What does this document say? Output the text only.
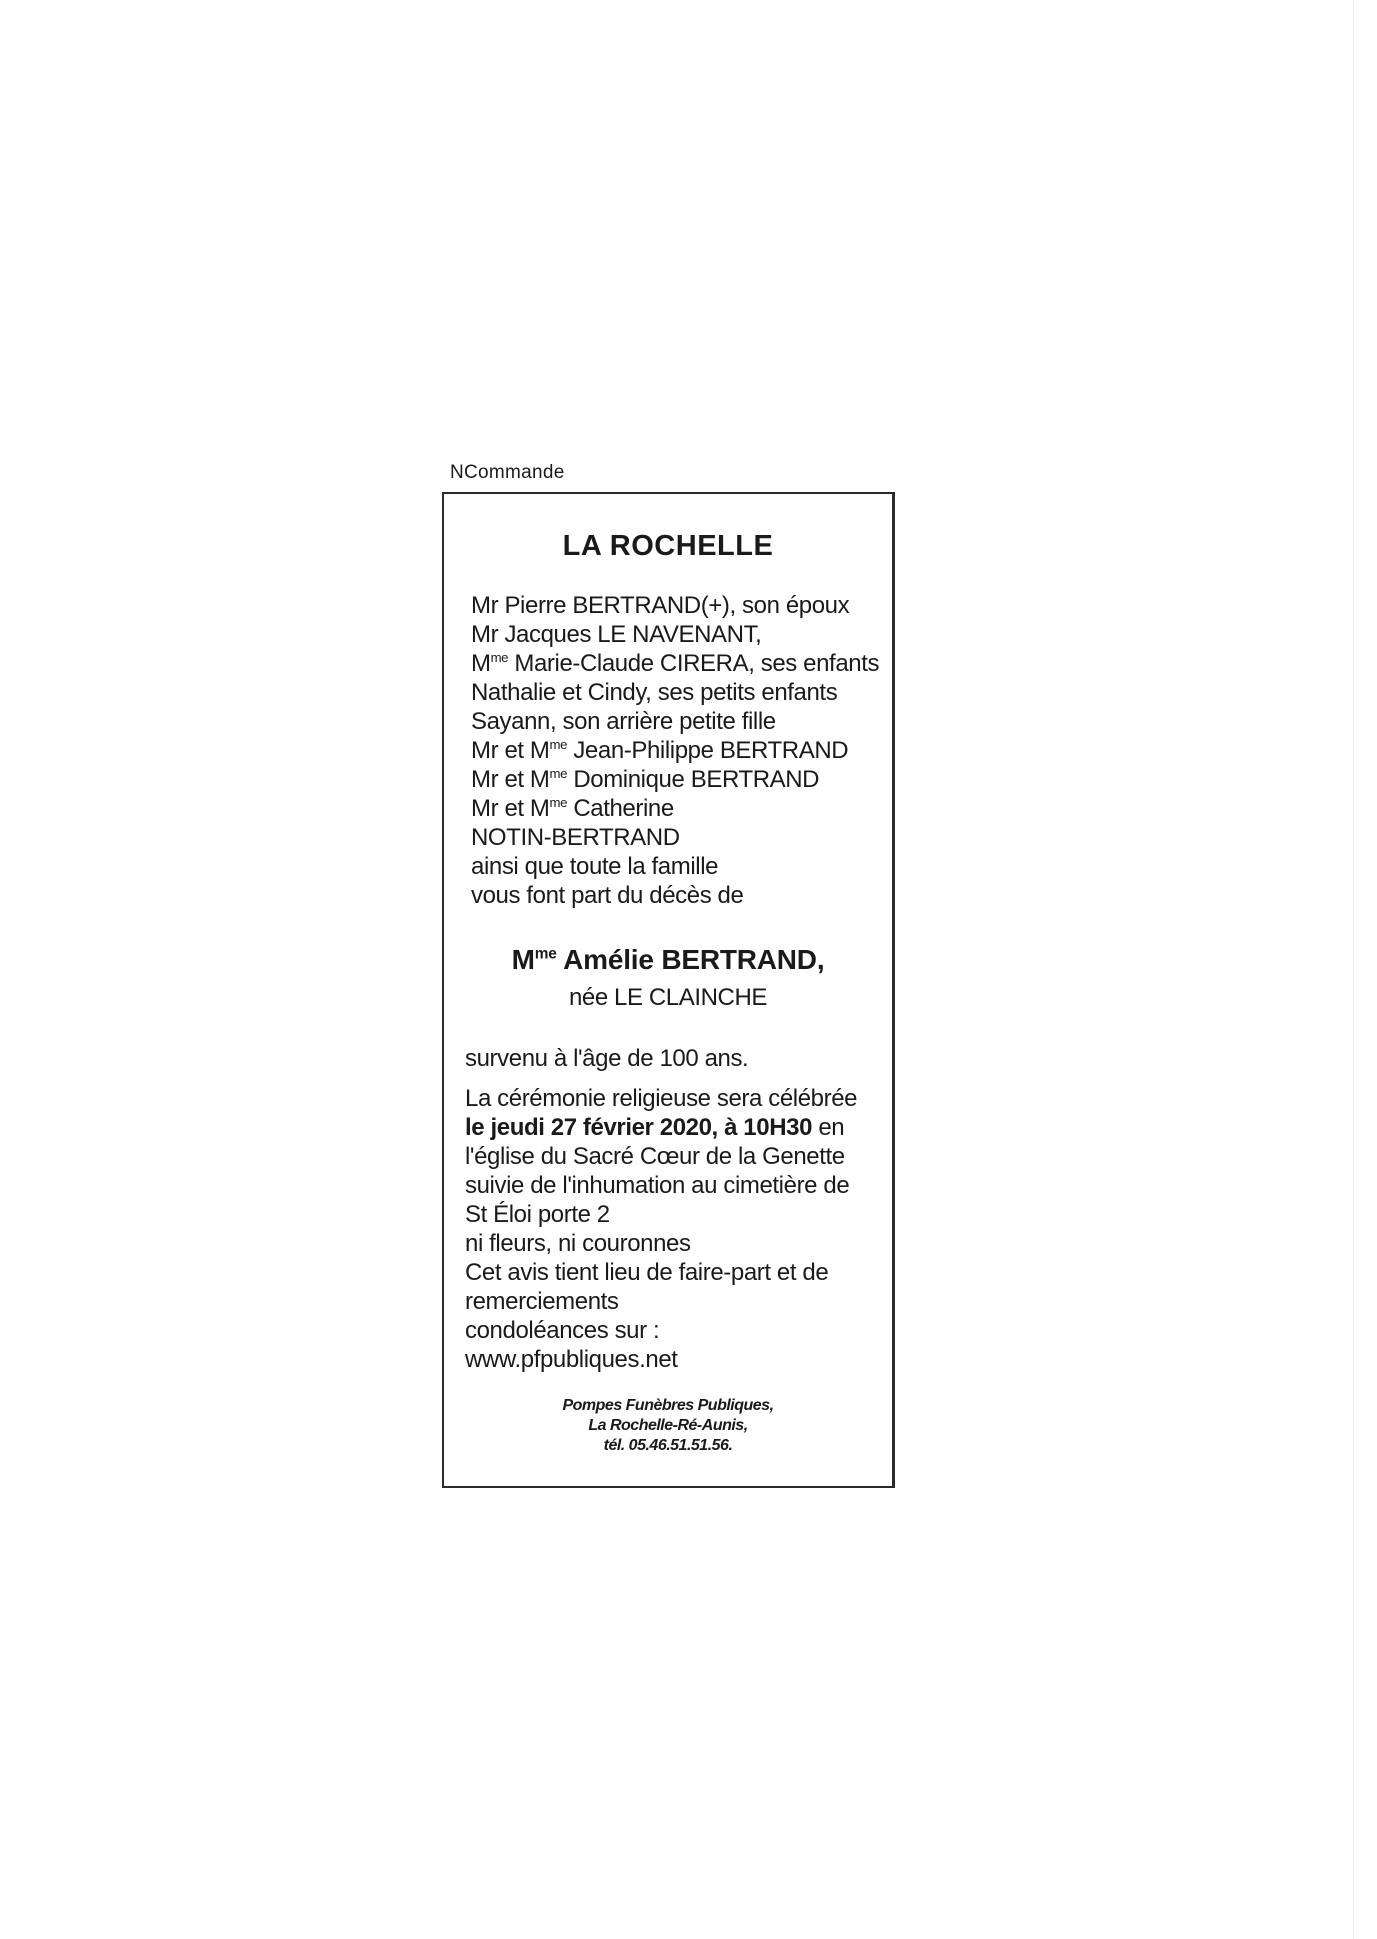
NCommande
LA ROCHELLE
Mr Pierre BERTRAND(+), son époux
Mr Jacques LE NAVENANT,
$M^{me}$ Marie-Claude CIRERA, ses enfants
Nathalie et Cindy, ses petits enfants
Sayann, son arrière petite fille
Mr et $M^{me}$ Jean-Philippe BERTRAND
Mr et $M^{me}$ Dominique BERTRAND
Mr et $M^{me}$ Catherine
NOTIN-BERTRAND
ainsi que toute la famille
vous font part du décès de
$M^{me}$ Amélie BERTRAND,
née LE CLAINCHE
survenu à l'âge de 100 ans.
La cérémonie religieuse sera célébrée
le jeudi 27 février 2020, à 10H30 en
l'église du Sacré Cœur de la Genette
suivie de l'inhumation au cimetière de
St Éloi porte 2
ni fleurs, ni couronnes
Cet avis tient lieu de faire-part et de
remerciements
condoléances sur :
www.pfpubliques.net
Pompes Funèbres Publiques,
La Rochelle-Ré-Aunis,
tél. 05.46.51.51.56.
